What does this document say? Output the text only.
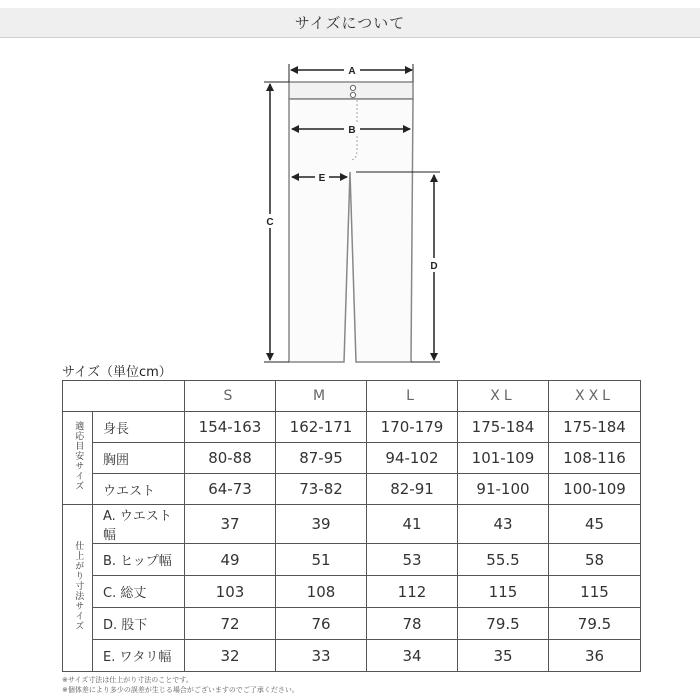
サイズについて
A
B
C
D
E
サイズ（単位cm）
		S	M	L	XL	XXL
適応目安サイズ	身長	154-163	162-171	170-179	175-184	175-184
	胸囲	80-88	87-95	94-102	101-109	108-116
	ウエスト	64-73	73-82	82-91	91-100	100-109
仕上がり寸法サイズ	A. ウエスト幅	37	39	41	43	45
	B. ヒップ幅	49	51	53	55.5	58
	C. 総丈	103	108	112	115	115
	D. 股下	72	76	78	79.5	79.5
	E. ワタリ幅	32	33	34	35	36
※サイズ寸法は仕上がり寸法のことです。
※個体差により多少の誤差が生じる場合がございますのでご了承ください。
